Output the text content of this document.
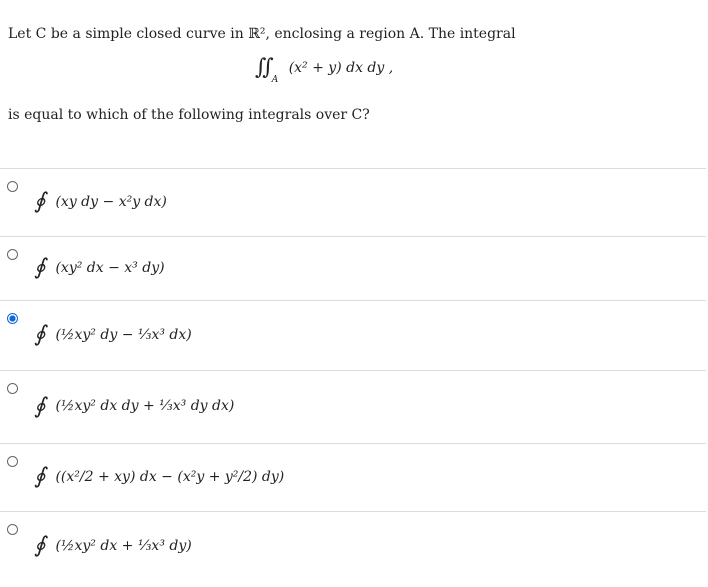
Let C be a simple closed curve in ℝ², enclosing a region A. The integral
$∬_A$ (x² + y) dx dy ,
is equal to which of the following integrals over C?
∮ (xy dy − x²y dx)
∮ (xy² dx − x³ dy)
∮ (½xy² dy − ⅓x³ dx)
∮ (½xy² dx dy + ⅓x³ dy dx)
∮ ((x²/2 + xy) dx − (x²y + y²/2) dy)
∮ (½xy² dx + ⅓x³ dy)
